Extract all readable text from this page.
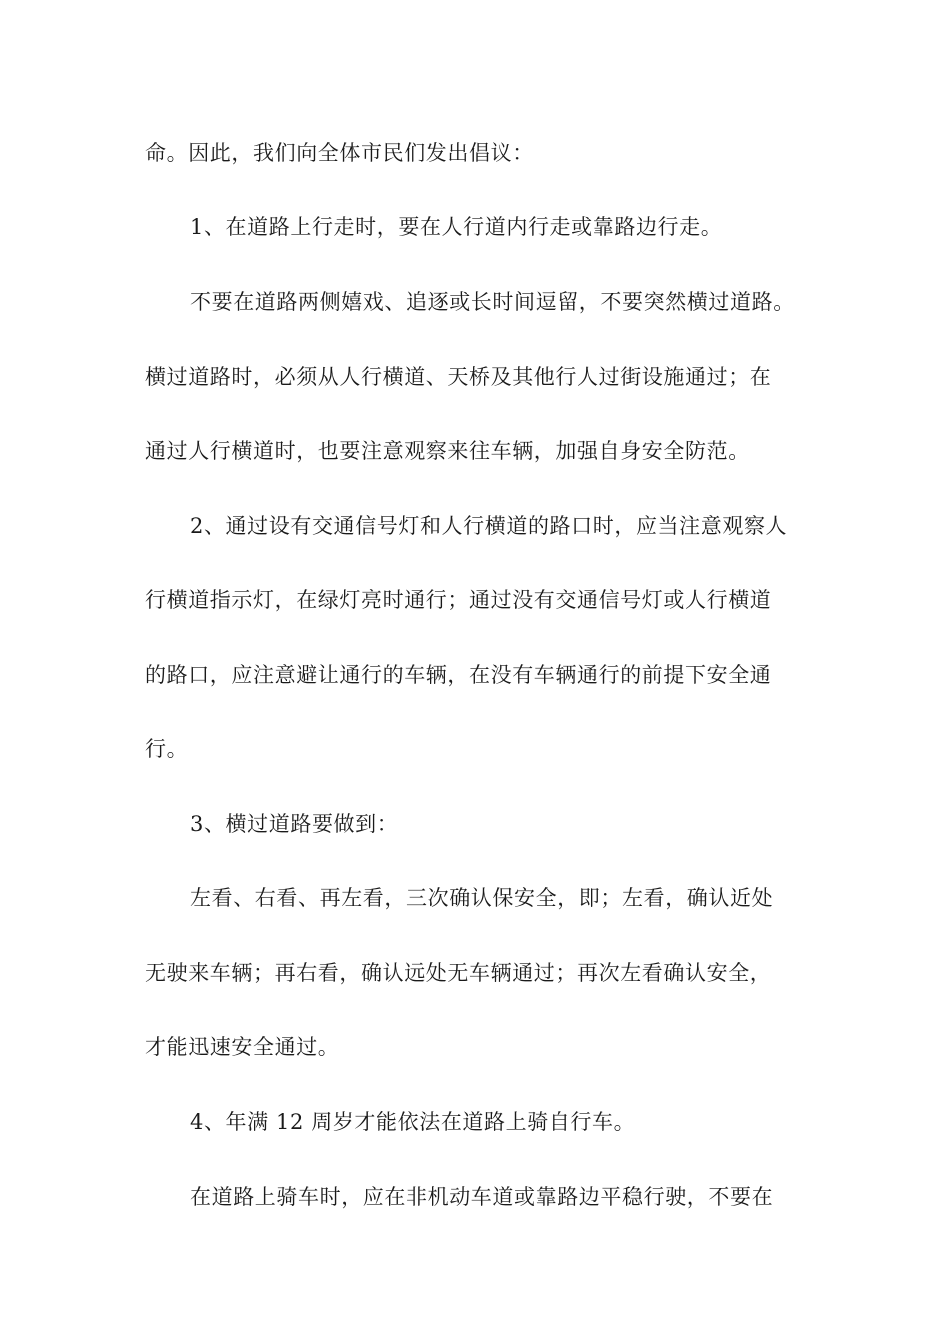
命。因此，我们向全体市民们发出倡议：
1、在道路上行走时，要在人行道内行走或靠路边行走。
不要在道路两侧嬉戏、追逐或长时间逗留，不要突然横过道路。
横过道路时，必须从人行横道、天桥及其他行人过街设施通过；在
通过人行横道时，也要注意观察来往车辆，加强自身安全防范。
2、通过设有交通信号灯和人行横道的路口时，应当注意观察人
行横道指示灯，在绿灯亮时通行；通过没有交通信号灯或人行横道
的路口，应注意避让通行的车辆，在没有车辆通行的前提下安全通
行。
3、横过道路要做到：
左看、右看、再左看，三次确认保安全，即；左看，确认近处
无驶来车辆；再右看，确认远处无车辆通过；再次左看确认安全，
才能迅速安全通过。
4、年满 12 周岁才能依法在道路上骑自行车。
在道路上骑车时，应在非机动车道或靠路边平稳行驶，不要在
